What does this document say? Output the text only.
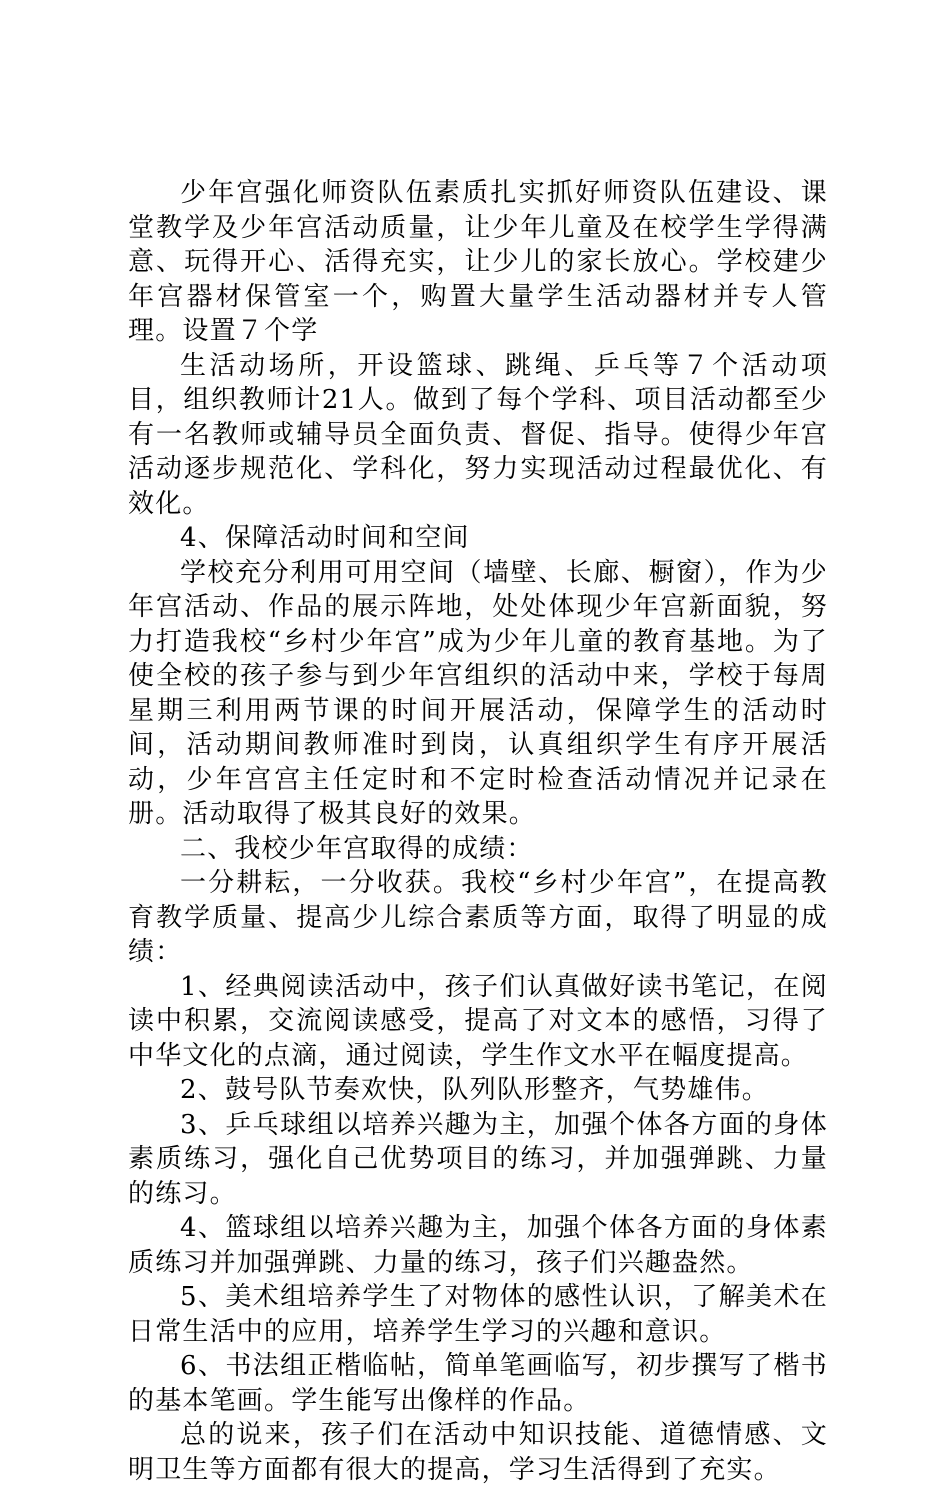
少年宫强化师资队伍素质扎实抓好师资队伍建设、课堂教学及少年宫活动质量，让少年儿童及在校学生学得满意、玩得开心、活得充实，让少儿的家长放心。学校建少年宫器材保管室一个，购置大量学生活动器材并专人管理。设置７个学

生活动场所，开设篮球、跳绳、乒乓等７个活动项目，组织教师计21人。做到了每个学科、项目活动都至少有一名教师或辅导员全面负责、督促、指导。使得少年宫活动逐步规范化、学科化，努力实现活动过程最优化、有效化。

4、保障活动时间和空间

学校充分利用可用空间（墙壁、长廊、橱窗），作为少年宫活动、作品的展示阵地，处处体现少年宫新面貌，努力打造我校“乡村少年宫”成为少年儿童的教育基地。为了使全校的孩子参与到少年宫组织的活动中来，学校于每周星期三利用两节课的时间开展活动，保障学生的活动时间，活动期间教师准时到岗，认真组织学生有序开展活动，少年宫宫主任定时和不定时检查活动情况并记录在册。活动取得了极其良好的效果。

二、我校少年宫取得的成绩：

一分耕耘，一分收获。我校“乡村少年宫”，在提高教育教学质量、提高少儿综合素质等方面，取得了明显的成绩：

1、经典阅读活动中，孩子们认真做好读书笔记，在阅读中积累，交流阅读感受，提高了对文本的感悟，习得了中华文化的点滴，通过阅读，学生作文水平在幅度提高。

2、鼓号队节奏欢快，队列队形整齐，气势雄伟。

3、乒乓球组以培养兴趣为主，加强个体各方面的身体素质练习，强化自己优势项目的练习，并加强弹跳、力量的练习。

4、篮球组以培养兴趣为主，加强个体各方面的身体素质练习并加强弹跳、力量的练习，孩子们兴趣盎然。

5、美术组培养学生了对物体的感性认识，了解美术在日常生活中的应用，培养学生学习的兴趣和意识。

6、书法组正楷临帖，简单笔画临写，初步撰写了楷书的基本笔画。学生能写出像样的作品。

总的说来，孩子们在活动中知识技能、道德情感、文明卫生等方面都有很大的提高，学习生活得到了充实。
